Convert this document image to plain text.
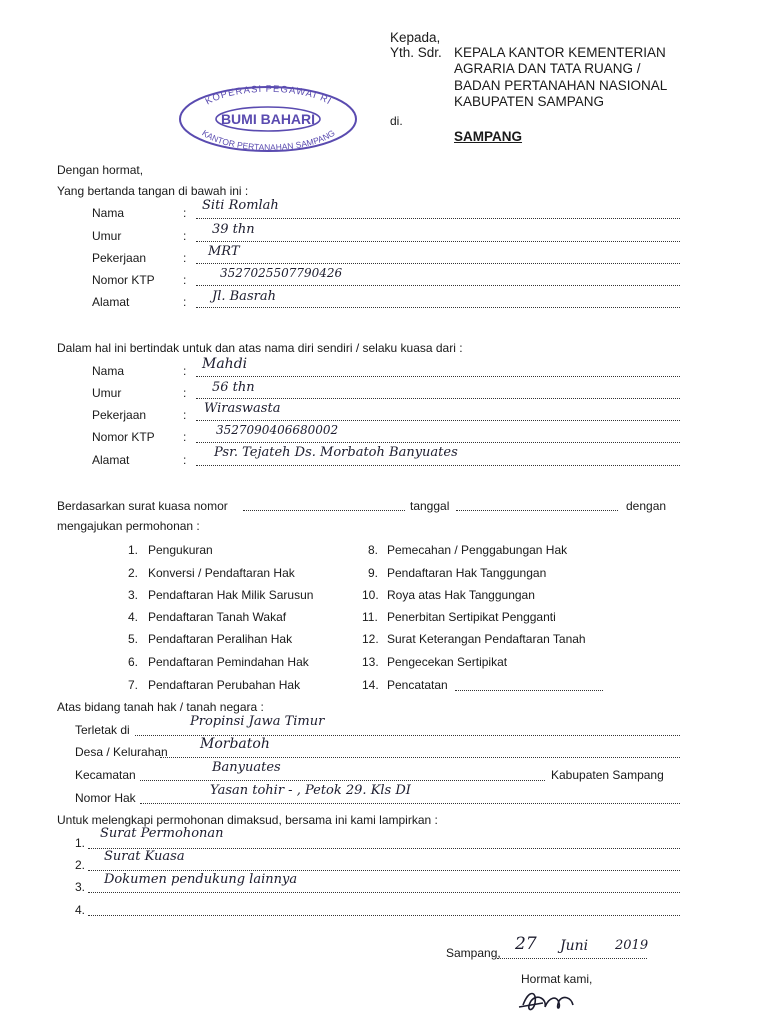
Kepada,
Yth. Sdr. KEPALA KANTOR KEMENTERIAN
AGRARIA DAN TATA RUANG /
BADAN PERTANAHAN NASIONAL
KABUPATEN SAMPANG
di.
SAMPANG
KOPERASI PEGAWAI RI
BUMI BAHARI
KANTOR PERTANAHAN SAMPANG
Dengan hormat,
Yang bertanda tangan di bawah ini :
Nama
Umur
Pekerjaan
Nomor KTP
Alamat
:
:
:
:
:
Siti Romlah
39 thn
MRT
3527025507790426
Jl. Basrah
Dalam hal ini bertindak untuk dan atas nama diri sendiri / selaku kuasa dari :
Nama
Umur
Pekerjaan
Nomor KTP
Alamat
:
:
:
:
:
Mahdi
56 thn
Wiraswasta
3527090406680002
Psr. Tejateh Ds. Morbatoh Banyuates
Berdasarkan surat kuasa nomor	tanggal	dengan
mengajukan permohonan :
1. Pengukuran
2. Konversi / Pendaftaran Hak
3. Pendaftaran Hak Milik Sarusun
4. Pendaftaran Tanah Wakaf
5. Pendaftaran Peralihan Hak
6. Pendaftaran Pemindahan Hak
7. Pendaftaran Perubahan Hak
8. Pemecahan / Penggabungan Hak
9. Pendaftaran Hak Tanggungan
10. Roya atas Hak Tanggungan
11. Penerbitan Sertipikat Pengganti
12. Surat Keterangan Pendaftaran Tanah
13. Pengecekan Sertipikat
14. Pencatatan
Atas bidang tanah hak / tanah negara :
Terletak di
Desa / Kelurahan
Kecamatan
Nomor Hak
Kabupaten Sampang
Propinsi Jawa Timur
Morbatoh
Banyuates
Yasan tohir - , Petok 29. Kls DI
Untuk melengkapi permohonan dimaksud, bersama ini kami lampirkan :
1.
2.
3.
4.
Surat Permohonan
Surat Kuasa
Dokumen pendukung lainnya
Sampang, 27 Juni 2019
Hormat kami,
